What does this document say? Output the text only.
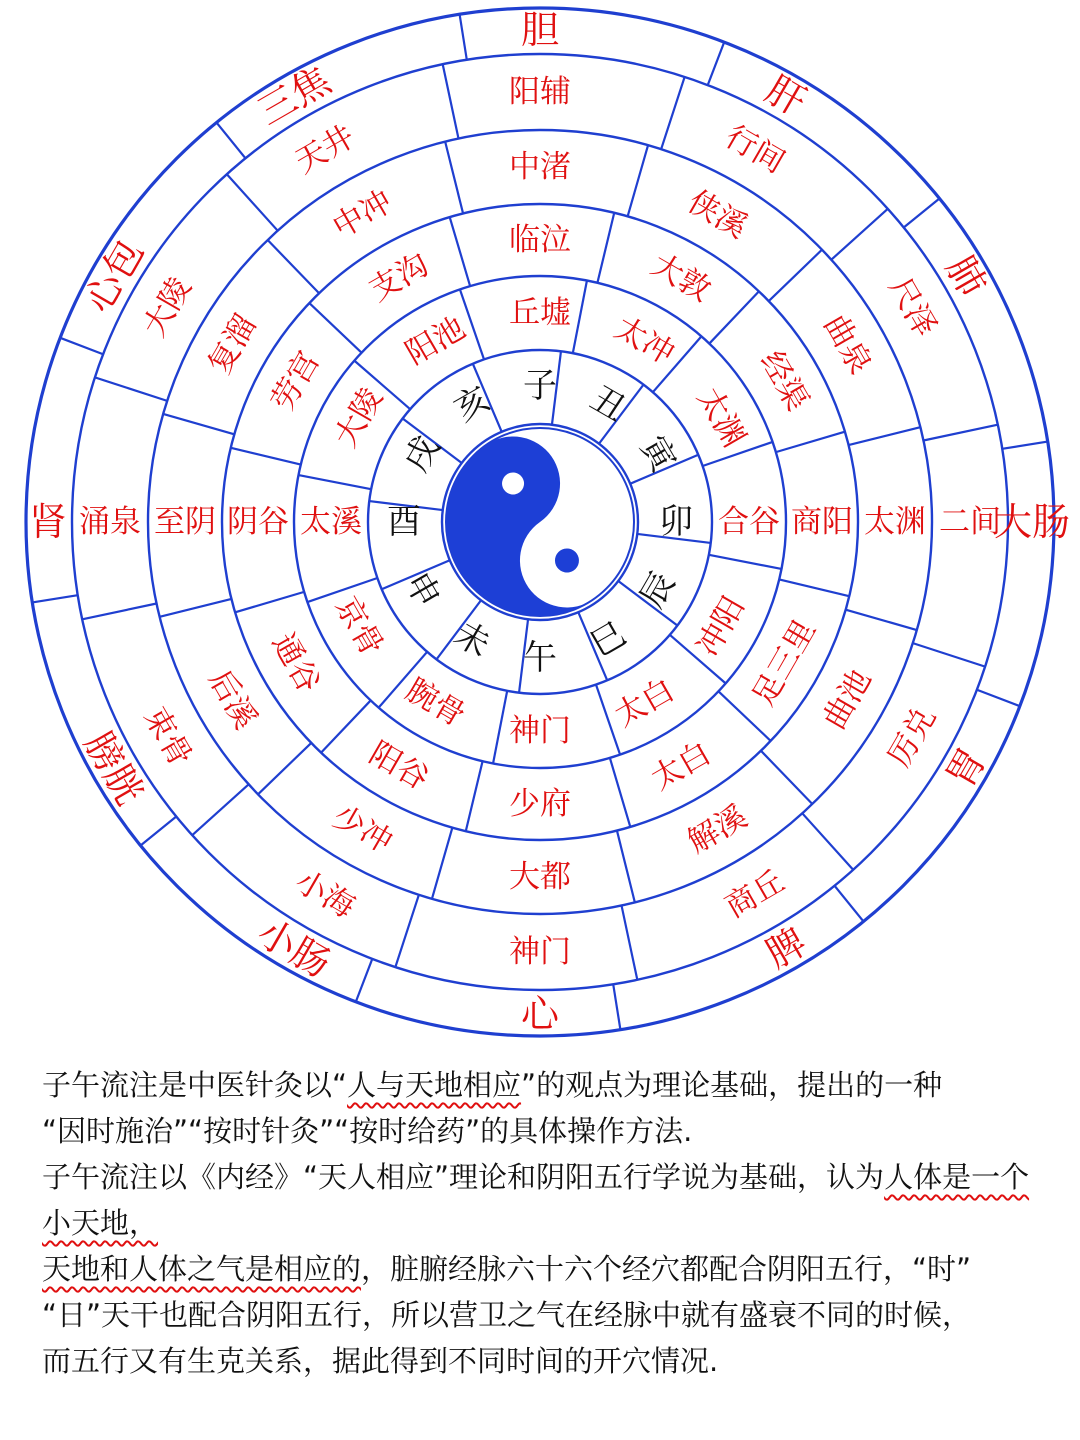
子
胆
阳辅
中渚
临泣
丘墟
丑
肝
行间
侠溪
大敦
太冲
寅
肺
尺泽
曲泉
经渠
太渊
卯	大肠
二间
太渊
商阳
合谷
辰
胃
厉兑
曲池
足三里
冲阳
巳
脾
商丘
解溪
太白
太白
午
心
神门
大都
少府
神门
未
小肠
小海
少冲
阳谷
腕骨
申
膀胱
束骨
后溪
通谷
京骨
酉
肾 涌泉 至阴 阴谷 太溪
戌
心包
大陵
复溜
劳宫
大陵 亥
三焦
天井
中冲
支沟
阳池

子午流注是中医针灸以“人与天地相应”的观点为理论基础，提出的一种

“因时施治”“按时针灸”“按时给药”的具体操作方法.

子午流注以《内经》“天人相应”理论和阴阳五行学说为基础，认为人体是一个小天地，

天地和人体之气是相应的，脏腑经脉六十六个经穴都配合阴阳五行，“时”

“日”天干也配合阴阳五行，所以营卫之气在经脉中就有盛衰不同的时候，

而五行又有生克关系，据此得到不同时间的开穴情况.
